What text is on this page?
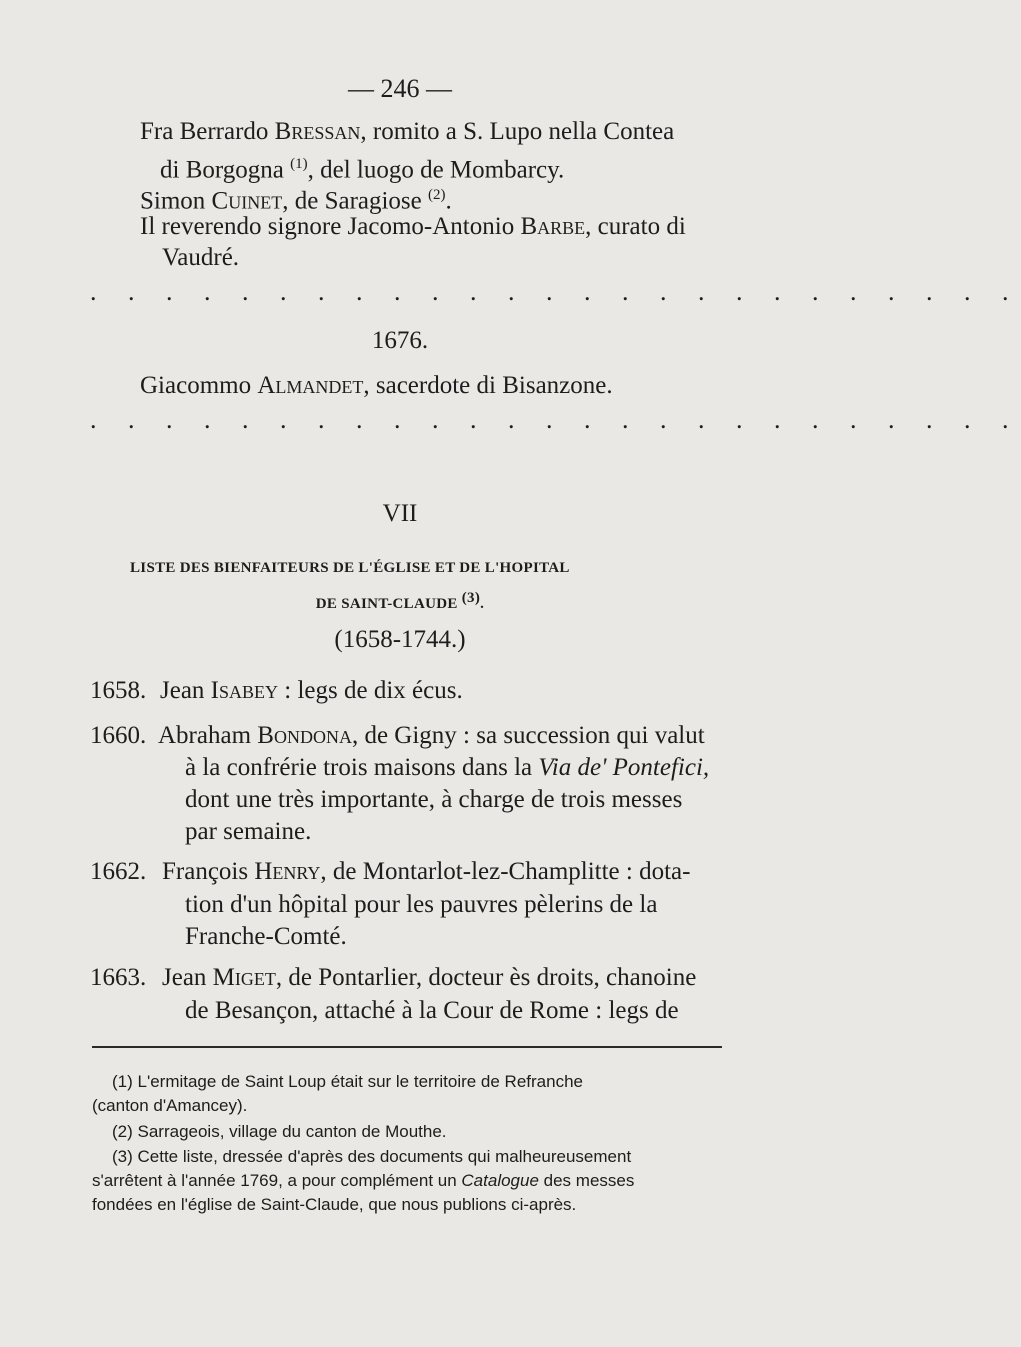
— 246 —
Fra Berrardo Bressan, romito a S. Lupo nella Contea
di Borgogna $^{(1)}$, del luogo de Mombarcy.
Simon Cuinet, de Saragiose $^{(2)}$.
Il reverendo signore Jacomo-Antonio Barbe, curato di
Vaudré.
. . . . . . . . . . . . . . . . . . . . . . . . .
1676.
Giacommo Almandet, sacerdote di Bisanzone.
. . . . . . . . . . . . . . . . . . . . . . . . .
VII
LISTE DES BIENFAITEURS DE L'ÉGLISE ET DE L'HOPITAL
DE SAINT-CLAUDE $^{(3)}$.
(1658-1744.)
1658. Jean Isabey : legs de dix écus.
1660. Abraham Bondona, de Gigny : sa succession qui valut
à la confrérie trois maisons dans la Via de' Pontefici,
dont une très importante, à charge de trois messes
par semaine.
1662. François Henry, de Montarlot-lez-Champlitte : dota-
tion d'un hôpital pour les pauvres pèlerins de la
Franche-Comté.
1663. Jean Miget, de Pontarlier, docteur ès droits, chanoine
de Besançon, attaché à la Cour de Rome : legs de
(1) L'ermitage de Saint Loup était sur le territoire de Refranche
(canton d'Amancey).
(2) Sarrageois, village du canton de Mouthe.
(3) Cette liste, dressée d'après des documents qui malheureusement
s'arrêtent à l'année 1769, a pour complément un Catalogue des messes
fondées en l'église de Saint-Claude, que nous publions ci-après.
